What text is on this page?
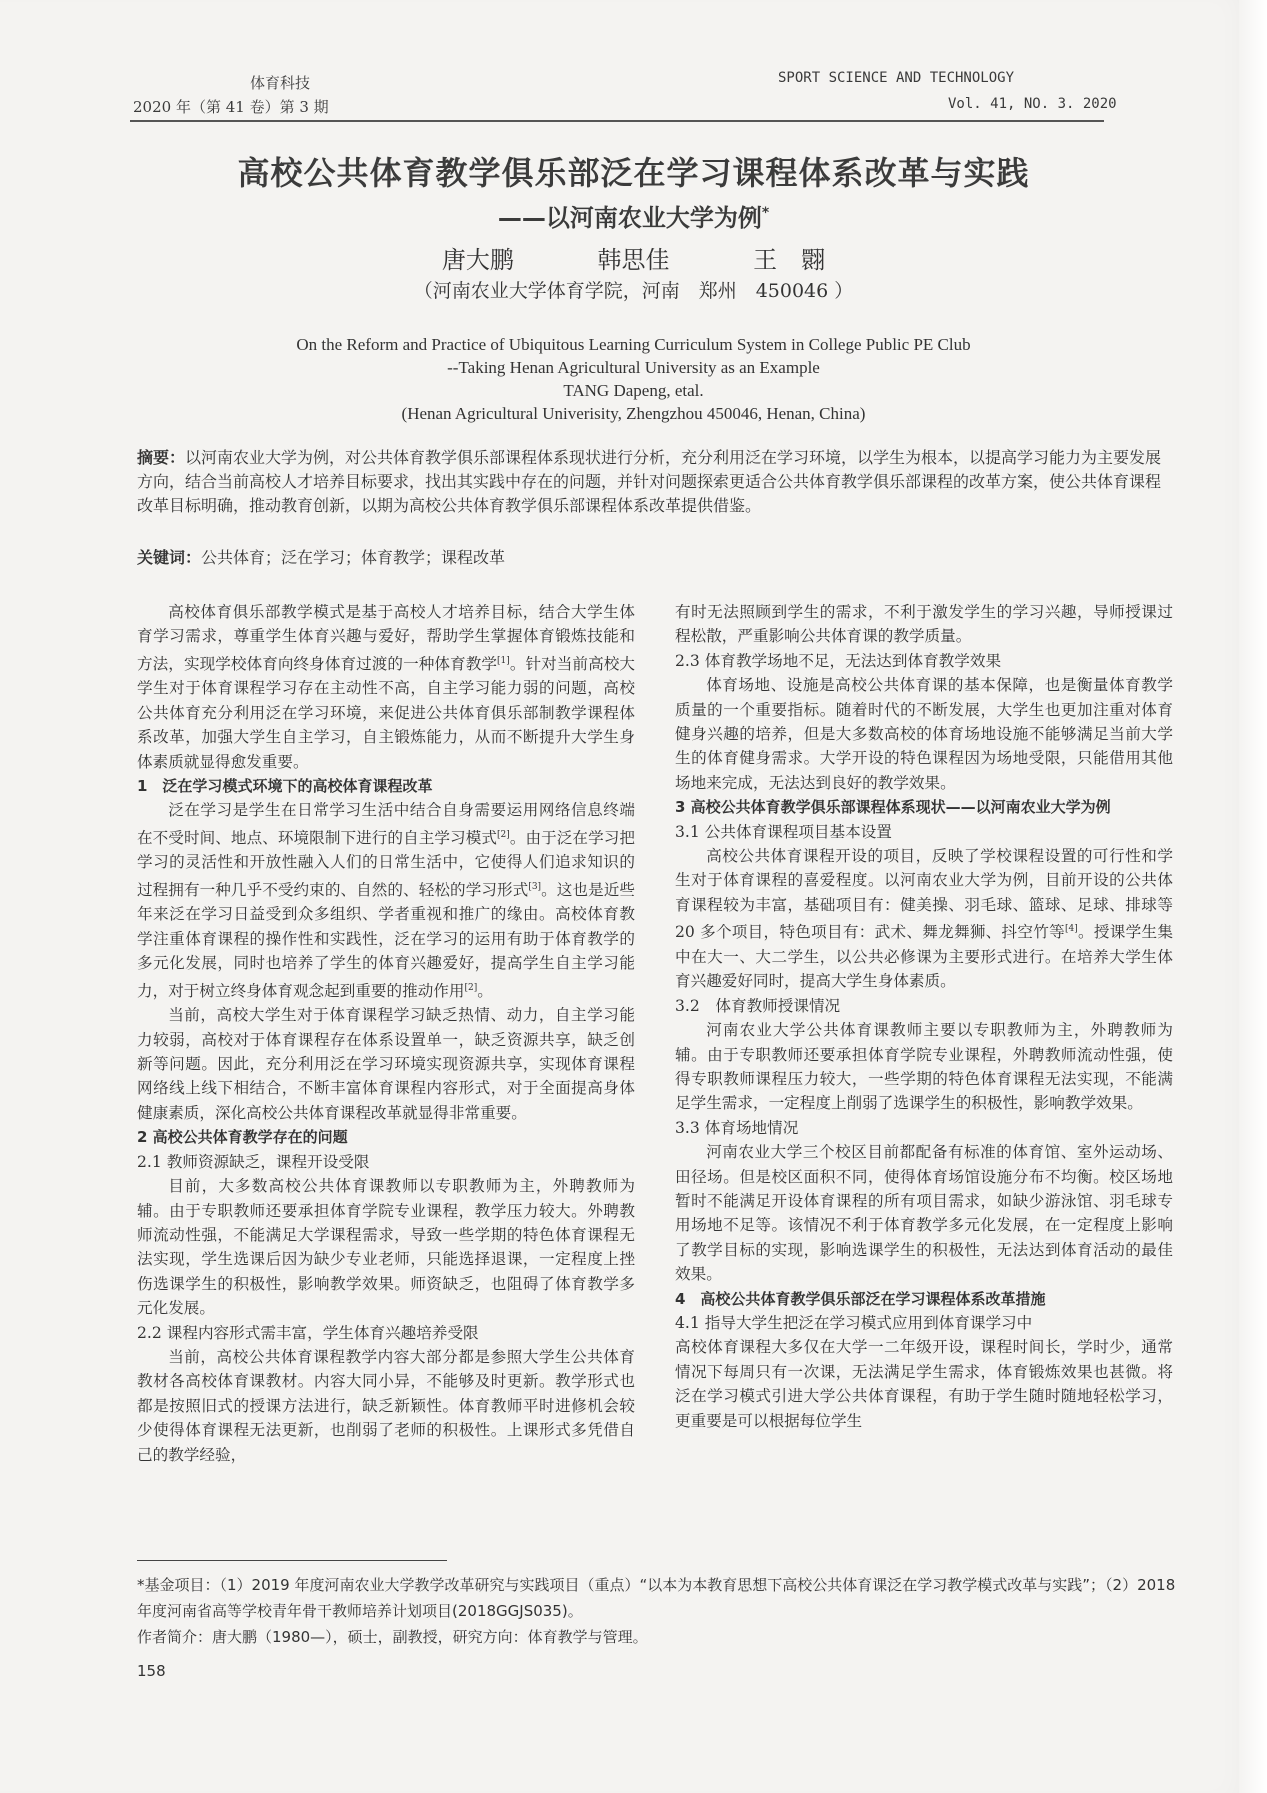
体育科技
2020 年（第 41 卷）第 3 期
SPORT SCIENCE AND TECHNOLOGY
Vol. 41, NO. 3. 2020
高校公共体育教学俱乐部泛在学习课程体系改革与实践
——以河南农业大学为例*
唐大鹏	韩思佳	王　翾
（河南农业大学体育学院，河南　郑州　450046 ）
On the Reform and Practice of Ubiquitous Learning Curriculum System in College Public PE Club
--Taking Henan Agricultural University as an Example
TANG Dapeng, etal.
(Henan Agricultural Univerisity, Zhengzhou 450046, Henan, China)
摘要：以河南农业大学为例，对公共体育教学俱乐部课程体系现状进行分析，充分利用泛在学习环境，以学生为根本，以提高学习能力为主要发展方向，结合当前高校人才培养目标要求，找出其实践中存在的问题，并针对问题探索更适合公共体育教学俱乐部课程的改革方案，使公共体育课程改革目标明确，推动教育创新，以期为高校公共体育教学俱乐部课程体系改革提供借鉴。
关键词：公共体育；泛在学习；体育教学；课程改革

高校体育俱乐部教学模式是基于高校人才培养目标，结合大学生体育学习需求，尊重学生体育兴趣与爱好，帮助学生掌握体育锻炼技能和方法，实现学校体育向终身体育过渡的一种体育教学[1]。针对当前高校大学生对于体育课程学习存在主动性不高，自主学习能力弱的问题，高校公共体育充分利用泛在学习环境，来促进公共体育俱乐部制教学课程体系改革，加强大学生自主学习，自主锻炼能力，从而不断提升大学生身体素质就显得愈发重要。

1　泛在学习模式环境下的高校体育课程改革

泛在学习是学生在日常学习生活中结合自身需要运用网络信息终端在不受时间、地点、环境限制下进行的自主学习模式[2]。由于泛在学习把学习的灵活性和开放性融入人们的日常生活中，它使得人们追求知识的过程拥有一种几乎不受约束的、自然的、轻松的学习形式[3]。这也是近些年来泛在学习日益受到众多组织、学者重视和推广的缘由。高校体育教学注重体育课程的操作性和实践性，泛在学习的运用有助于体育教学的多元化发展，同时也培养了学生的体育兴趣爱好，提高学生自主学习能力，对于树立终身体育观念起到重要的推动作用[2]。

当前，高校大学生对于体育课程学习缺乏热情、动力，自主学习能力较弱，高校对于体育课程存在体系设置单一，缺乏资源共享，缺乏创新等问题。因此，充分利用泛在学习环境实现资源共享，实现体育课程网络线上线下相结合，不断丰富体育课程内容形式，对于全面提高身体健康素质，深化高校公共体育课程改革就显得非常重要。

2 高校公共体育教学存在的问题

2.1 教师资源缺乏，课程开设受限

目前，大多数高校公共体育课教师以专职教师为主，外聘教师为辅。由于专职教师还要承担体育学院专业课程，教学压力较大。外聘教师流动性强，不能满足大学课程需求，导致一些学期的特色体育课程无法实现，学生选课后因为缺少专业老师，只能选择退课，一定程度上挫伤选课学生的积极性，影响教学效果。师资缺乏，也阻碍了体育教学多元化发展。

2.2 课程内容形式需丰富，学生体育兴趣培养受限

当前，高校公共体育课程教学内容大部分都是参照大学生公共体育教材各高校体育课教材。内容大同小异，不能够及时更新。教学形式也都是按照旧式的授课方法进行，缺乏新颖性。体育教师平时进修机会较少使得体育课程无法更新，也削弱了老师的积极性。上课形式多凭借自己的教学经验，

有时无法照顾到学生的需求，不利于激发学生的学习兴趣，导师授课过程松散，严重影响公共体育课的教学质量。

2.3 体育教学场地不足，无法达到体育教学效果

体育场地、设施是高校公共体育课的基本保障，也是衡量体育教学质量的一个重要指标。随着时代的不断发展，大学生也更加注重对体育健身兴趣的培养，但是大多数高校的体育场地设施不能够满足当前大学生的体育健身需求。大学开设的特色课程因为场地受限，只能借用其他场地来完成，无法达到良好的教学效果。

3 高校公共体育教学俱乐部课程体系现状——以河南农业大学为例

3.1 公共体育课程项目基本设置

高校公共体育课程开设的项目，反映了学校课程设置的可行性和学生对于体育课程的喜爱程度。以河南农业大学为例，目前开设的公共体育课程较为丰富，基础项目有：健美操、羽毛球、篮球、足球、排球等 20 多个项目，特色项目有：武术、舞龙舞狮、抖空竹等[4]。授课学生集中在大一、大二学生，以公共必修课为主要形式进行。在培养大学生体育兴趣爱好同时，提高大学生身体素质。

3.2　体育教师授课情况

河南农业大学公共体育课教师主要以专职教师为主，外聘教师为辅。由于专职教师还要承担体育学院专业课程，外聘教师流动性强，使得专职教师课程压力较大，一些学期的特色体育课程无法实现，不能满足学生需求，一定程度上削弱了选课学生的积极性，影响教学效果。

3.3 体育场地情况

河南农业大学三个校区目前都配备有标准的体育馆、室外运动场、田径场。但是校区面积不同，使得体育场馆设施分布不均衡。校区场地暂时不能满足开设体育课程的所有项目需求，如缺少游泳馆、羽毛球专用场地不足等。该情况不利于体育教学多元化发展，在一定程度上影响了教学目标的实现，影响选课学生的积极性，无法达到体育活动的最佳效果。

4　高校公共体育教学俱乐部泛在学习课程体系改革措施

4.1 指导大学生把泛在学习模式应用到体育课学习中

高校体育课程大多仅在大学一二年级开设，课程时间长，学时少，通常情况下每周只有一次课，无法满足学生需求，体育锻炼效果也甚微。将泛在学习模式引进大学公共体育课程，有助于学生随时随地轻松学习，更重要是可以根据每位学生

*基金项目：（1）2019 年度河南农业大学教学改革研究与实践项目（重点）“以本为本教育思想下高校公共体育课泛在学习教学模式改革与实践”；（2）2018 年度河南省高等学校青年骨干教师培养计划项目(2018GGJS035)。

作者简介：唐大鹏（1980—），硕士，副教授，研究方向：体育教学与管理。

158
